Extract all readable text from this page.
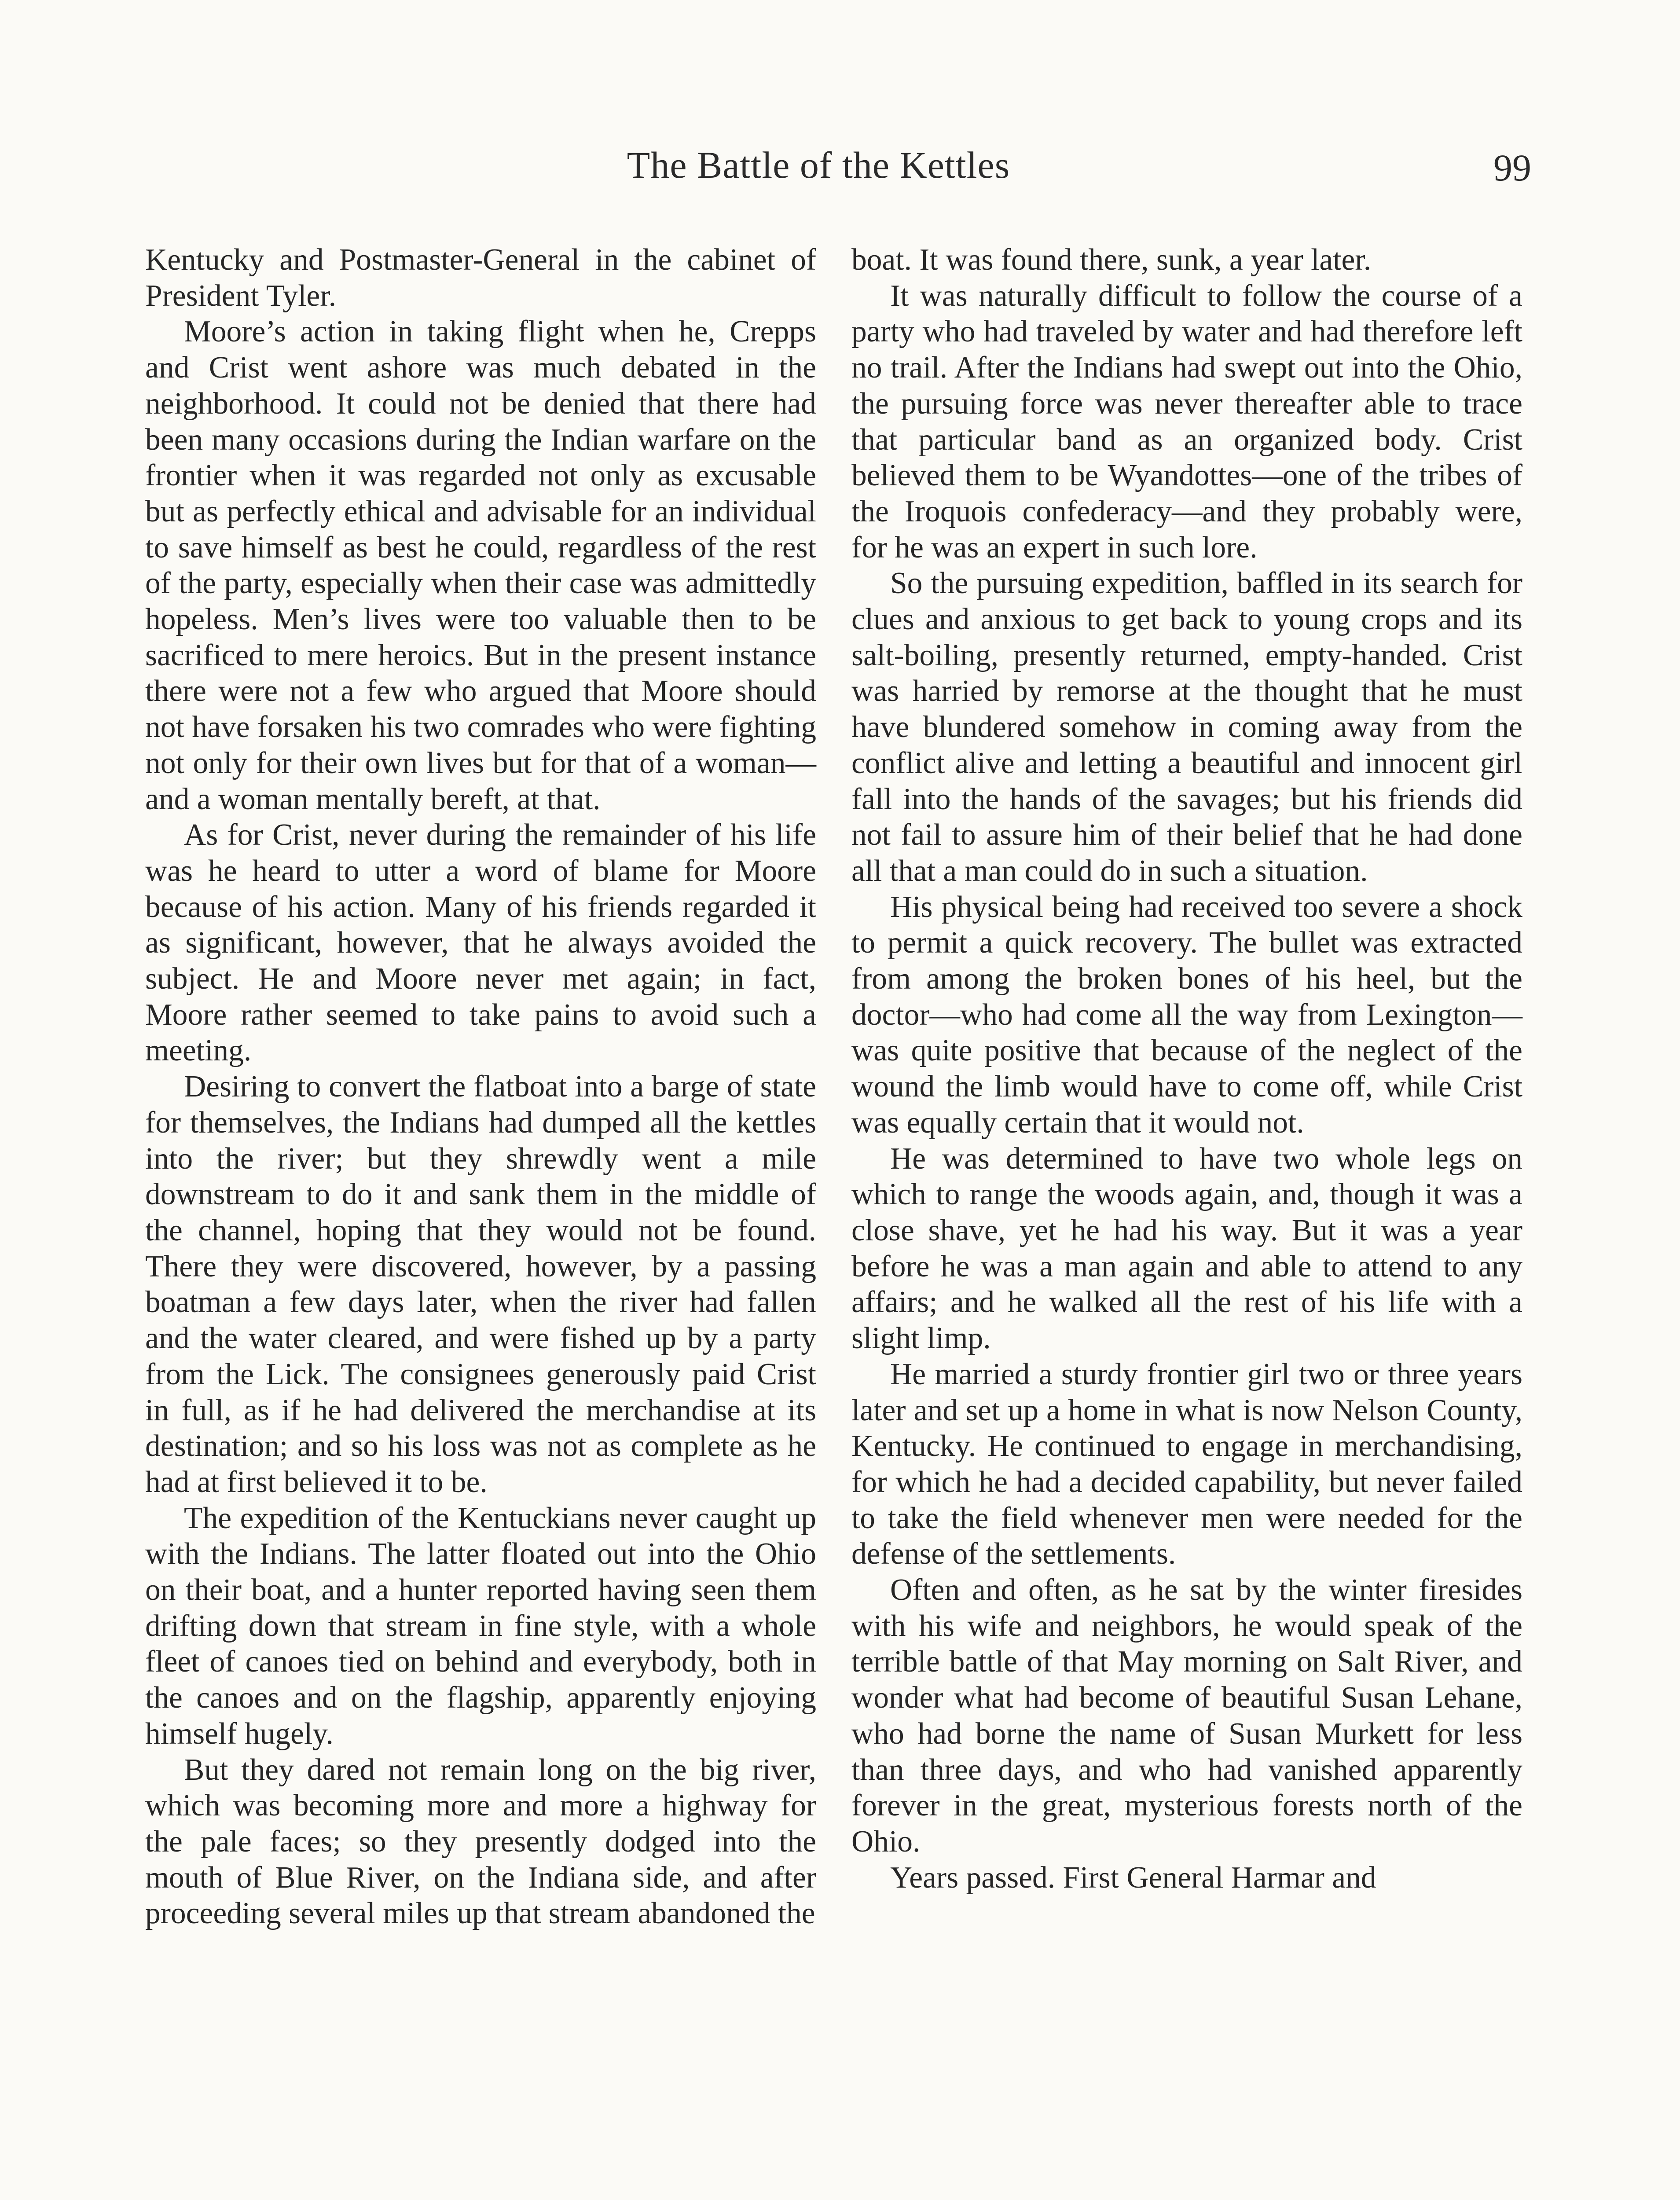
The Battle of the Kettles	99

Kentucky and Postmaster-General in the cabinet of President Tyler.

Moore’s action in taking flight when he, Crepps and Crist went ashore was much debated in the neighborhood. It could not be denied that there had been many occasions during the Indian warfare on the frontier when it was regarded not only as excusable but as perfectly ethical and advisable for an individual to save himself as best he could, regardless of the rest of the party, especially when their case was admittedly hopeless. Men’s lives were too valuable then to be sacrificed to mere heroics. But in the present instance there were not a few who argued that Moore should not have forsaken his two comrades who were fighting not only for their own lives but for that of a woman—and a woman mentally bereft, at that.

As for Crist, never during the remainder of his life was he heard to utter a word of blame for Moore because of his action. Many of his friends regarded it as significant, however, that he always avoided the subject. He and Moore never met again; in fact, Moore rather seemed to take pains to avoid such a meeting.

Desiring to convert the flatboat into a barge of state for themselves, the Indians had dumped all the kettles into the river; but they shrewdly went a mile downstream to do it and sank them in the middle of the channel, hoping that they would not be found. There they were discovered, however, by a passing boatman a few days later, when the river had fallen and the water cleared, and were fished up by a party from the Lick. The consignees generously paid Crist in full, as if he had delivered the merchandise at its destination; and so his loss was not as complete as he had at first believed it to be.

The expedition of the Kentuckians never caught up with the Indians. The latter floated out into the Ohio on their boat, and a hunter reported having seen them drifting down that stream in fine style, with a whole fleet of canoes tied on behind and everybody, both in the canoes and on the flagship, apparently enjoying himself hugely.

But they dared not remain long on the big river, which was becoming more and more a highway for the pale faces; so they presently dodged into the mouth of Blue River, on the Indiana side, and after proceeding several miles up that stream abandoned the

boat. It was found there, sunk, a year later.

It was naturally difficult to follow the course of a party who had traveled by water and had therefore left no trail. After the Indians had swept out into the Ohio, the pursuing force was never thereafter able to trace that particular band as an organized body. Crist believed them to be Wyandottes—one of the tribes of the Iroquois confederacy—and they probably were, for he was an expert in such lore.

So the pursuing expedition, baffled in its search for clues and anxious to get back to young crops and its salt-boiling, presently returned, empty-handed. Crist was harried by remorse at the thought that he must have blundered somehow in coming away from the conflict alive and letting a beautiful and innocent girl fall into the hands of the savages; but his friends did not fail to assure him of their belief that he had done all that a man could do in such a situation.

His physical being had received too severe a shock to permit a quick recovery. The bullet was extracted from among the broken bones of his heel, but the doctor—who had come all the way from Lexington—was quite positive that because of the neglect of the wound the limb would have to come off, while Crist was equally certain that it would not.

He was determined to have two whole legs on which to range the woods again, and, though it was a close shave, yet he had his way. But it was a year before he was a man again and able to attend to any affairs; and he walked all the rest of his life with a slight limp.

He married a sturdy frontier girl two or three years later and set up a home in what is now Nelson County, Kentucky. He continued to engage in merchandising, for which he had a decided capability, but never failed to take the field whenever men were needed for the defense of the settlements.

Often and often, as he sat by the winter firesides with his wife and neighbors, he would speak of the terrible battle of that May morning on Salt River, and wonder what had become of beautiful Susan Lehane, who had borne the name of Susan Murkett for less than three days, and who had vanished apparently forever in the great, mysterious forests north of the Ohio.

Years passed. First General Harmar and
